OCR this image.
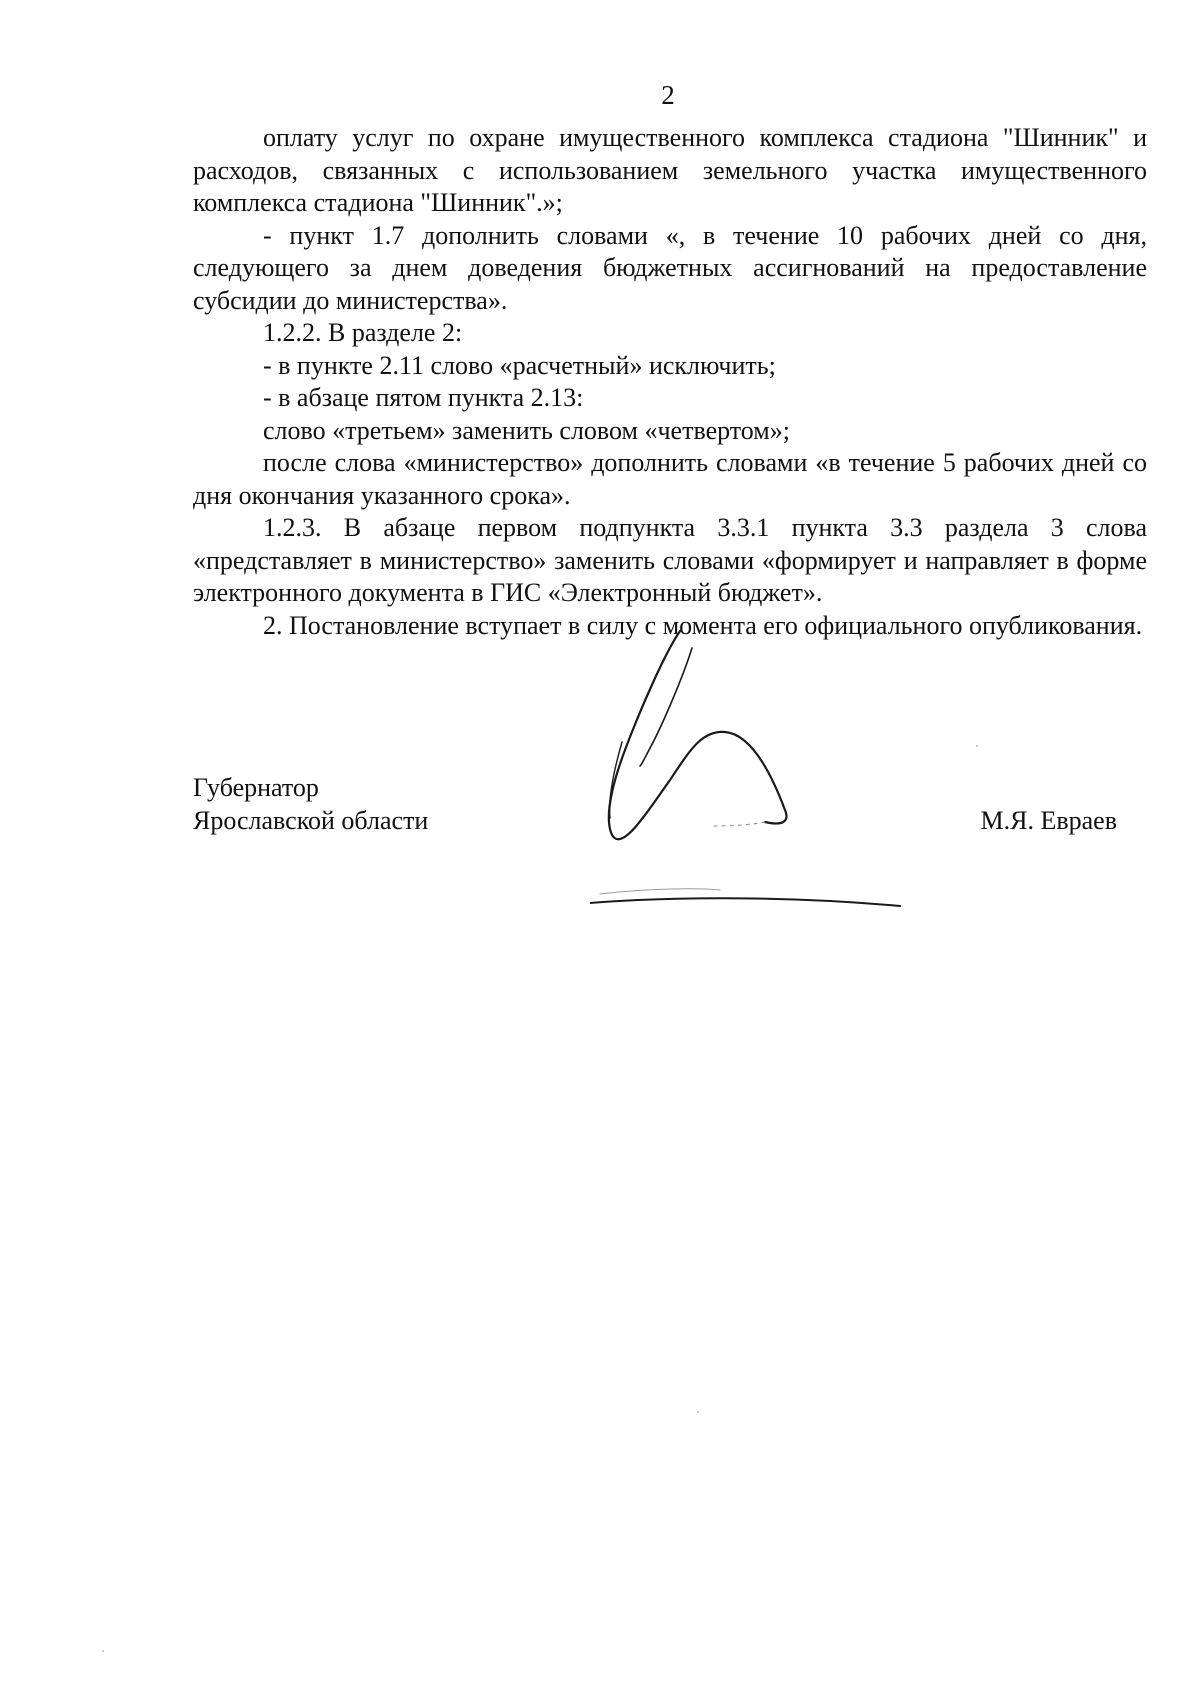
2

оплату услуг по охране имущественного комплекса стадиона "Шинник" и расходов, связанных с использованием земельного участка имущественного комплекса стадиона "Шинник".»;

- пункт 1.7 дополнить словами «, в течение 10 рабочих дней со дня, следующего за днем доведения бюджетных ассигнований на предоставление субсидии до министерства».

1.2.2. В разделе 2:

- в пункте 2.11 слово «расчетный» исключить;

- в абзаце пятом пункта 2.13:

слово «третьем» заменить словом «четвертом»;

после слова «министерство» дополнить словами «в течение 5 рабочих дней со дня окончания указанного срока».

1.2.3. В абзаце первом подпункта 3.3.1 пункта 3.3 раздела 3 слова «представляет в министерство» заменить словами «формирует и направляет в форме электронного документа в ГИС «Электронный бюджет».

2. Постановление вступает в силу с момента его официального опубликования.

Губернатор

Ярославской области	М.Я. Евраев
